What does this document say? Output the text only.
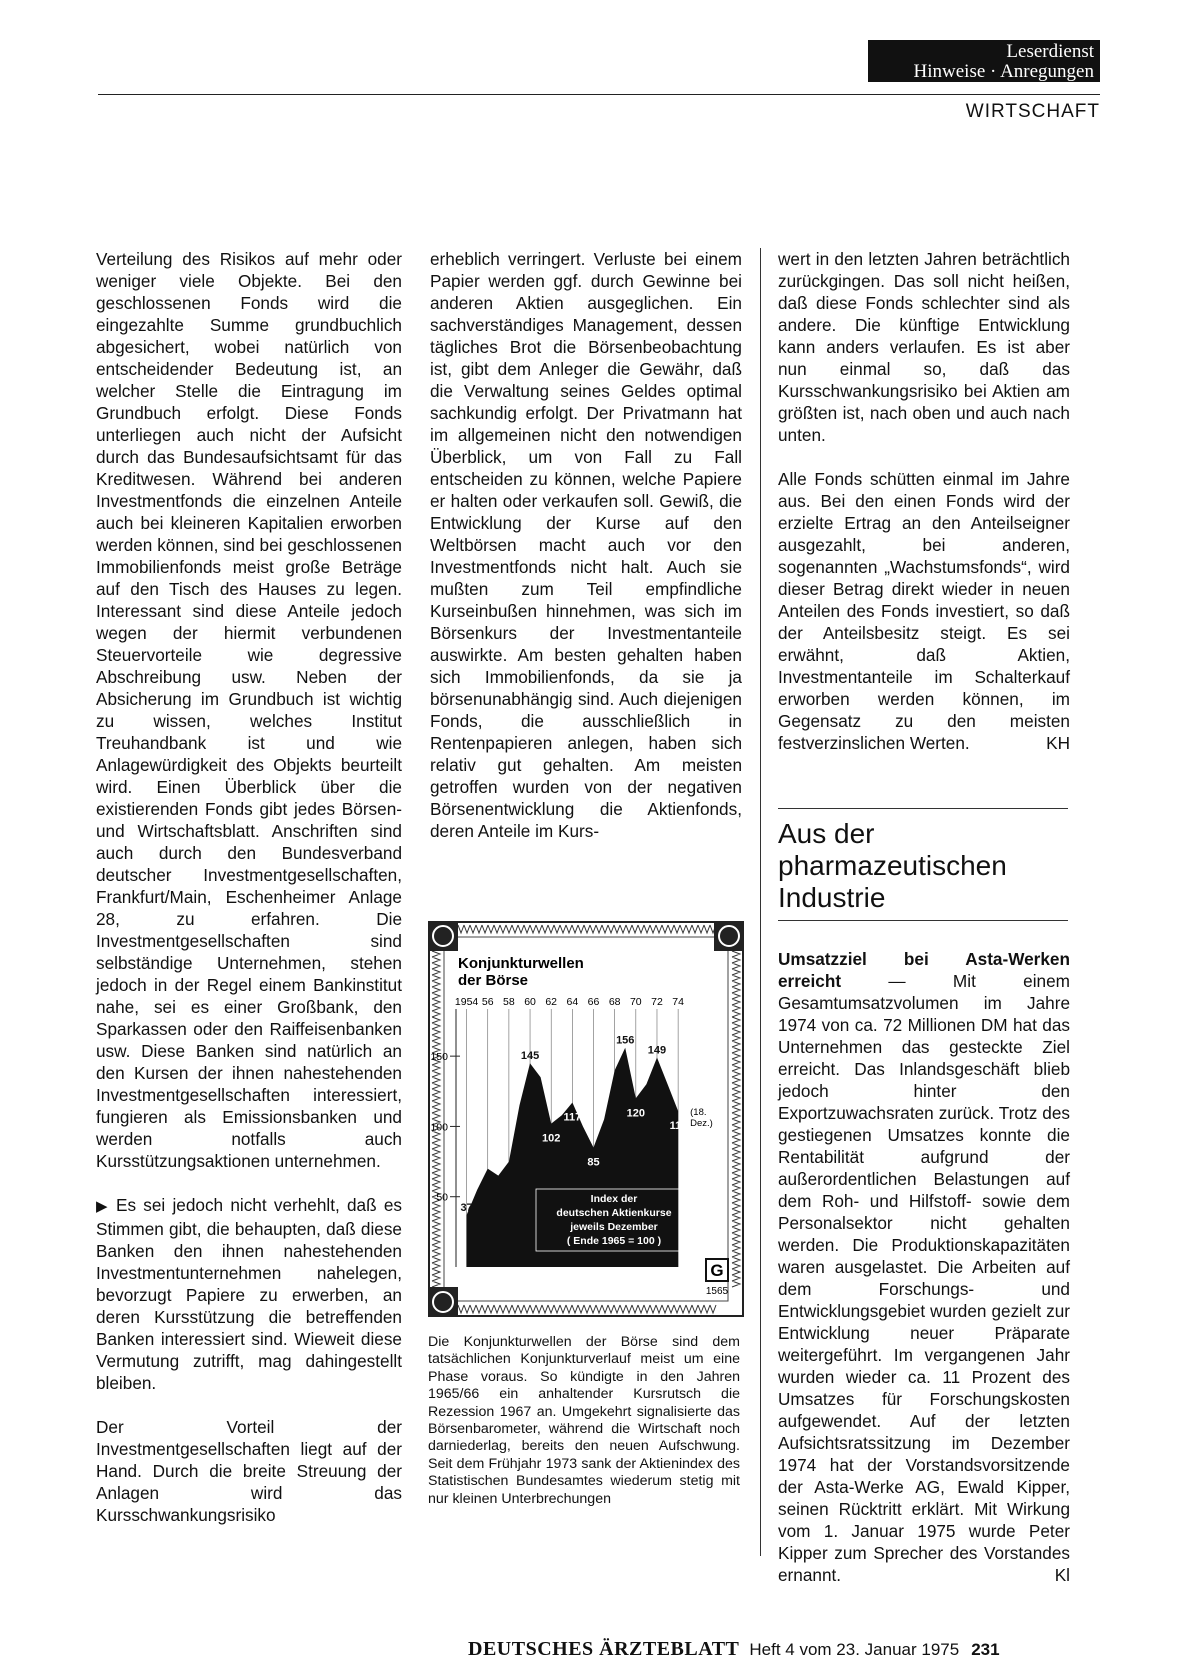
Leserdienst
Hinweise · Anregungen
WIRTSCHAFT

Verteilung des Risikos auf mehr oder weniger viele Objekte. Bei den geschlossenen Fonds wird die eingezahlte Summe grundbuchlich abgesichert, wobei natürlich von entscheidender Bedeutung ist, an welcher Stelle die Eintragung im Grundbuch erfolgt. Diese Fonds unterliegen auch nicht der Aufsicht durch das Bundesaufsichtsamt für das Kreditwesen. Während bei anderen Investmentfonds die einzelnen Anteile auch bei kleineren Kapitalien erworben werden können, sind bei geschlossenen Immobilienfonds meist große Beträge auf den Tisch des Hauses zu legen. Interessant sind diese Anteile jedoch wegen der hiermit verbundenen Steuervorteile wie degressive Abschreibung usw. Neben der Absicherung im Grundbuch ist wichtig zu wissen, welches Institut Treuhandbank ist und wie Anlagewürdigkeit des Objekts beurteilt wird. Einen Überblick über die existierenden Fonds gibt jedes Börsen- und Wirtschaftsblatt. Anschriften sind auch durch den Bundesverband deutscher Investmentgesellschaften, Frankfurt/Main, Eschenheimer Anlage 28, zu erfahren. Die Investmentgesellschaften sind selbständige Unternehmen, stehen jedoch in der Regel einem Bankinstitut nahe, sei es einer Großbank, den Sparkassen oder den Raiffeisenbanken usw. Diese Banken sind natürlich an den Kursen der ihnen nahestehenden Investmentgesellschaften interessiert, fungieren als Emissionsbanken und werden notfalls auch Kursstützungsaktionen unternehmen.

▶ Es sei jedoch nicht verhehlt, daß es Stimmen gibt, die behaupten, daß diese Banken den ihnen nahestehenden Investmentunternehmen nahelegen, bevorzugt Papiere zu erwerben, an deren Kursstützung die betreffenden Banken interessiert sind. Wieweit diese Vermutung zutrifft, mag dahingestellt bleiben.

Der Vorteil der Investmentgesellschaften liegt auf der Hand. Durch die breite Streuung der Anlagen wird das Kursschwankungsrisiko

erheblich verringert. Verluste bei einem Papier werden ggf. durch Gewinne bei anderen Aktien ausgeglichen. Ein sachverständiges Management, dessen tägliches Brot die Börsenbeobachtung ist, gibt dem Anleger die Gewähr, daß die Verwaltung seines Geldes optimal sachkundig erfolgt. Der Privatmann hat im allgemeinen nicht den notwendigen Überblick, um von Fall zu Fall entscheiden zu können, welche Papiere er halten oder verkaufen soll. Gewiß, die Entwicklung der Kurse auf den Weltbörsen macht auch vor den Investmentfonds nicht halt. Auch sie mußten zum Teil empfindliche Kurseinbußen hinnehmen, was sich im Börsenkurs der Investmentanteile auswirkte. Am besten gehalten haben sich Immobilienfonds, da sie ja börsenunabhängig sind. Auch diejenigen Fonds, die ausschließlich in Rentenpapieren anlegen, haben sich relativ gut gehalten. Am meisten getroffen wurden von der negativen Börsenentwicklung die Aktienfonds, deren Anteile im Kurs-

Konjunkturwellen der Börse
1954 56 58 60 62 64 66 68 70 72 74
50
100
150
37
145
102
117
85
156
120
149
111
(18.
Dez.)
Index der
deutschen Aktienkurse
jeweils Dezember
( Ende 1965 = 100 )
G
1565

Die Konjunkturwellen der Börse sind dem tatsächlichen Konjunkturverlauf meist um eine Phase voraus. So kündigte in den Jahren 1965/66 ein anhaltender Kursrutsch die Rezession 1967 an. Umgekehrt signalisierte das Börsenbarometer, während die Wirtschaft noch darniederlag, bereits den neuen Aufschwung. Seit dem Frühjahr 1973 sank der Aktienindex des Statistischen Bundesamtes wiederum stetig mit nur kleinen Unterbrechungen

wert in den letzten Jahren beträchtlich zurückgingen. Das soll nicht heißen, daß diese Fonds schlechter sind als andere. Die künftige Entwicklung kann anders verlaufen. Es ist aber nun einmal so, daß das Kursschwankungsrisiko bei Aktien am größten ist, nach oben und auch nach unten.

Alle Fonds schütten einmal im Jahre aus. Bei den einen Fonds wird der erzielte Ertrag an den Anteilseigner ausgezahlt, bei anderen, sogenannten „Wachstumsfonds“, wird dieser Betrag direkt wieder in neuen Anteilen des Fonds investiert, so daß der Anteilsbesitz steigt. Es sei erwähnt, daß Aktien, Investmentanteile im Schalterkauf erworben werden können, im Gegensatz zu den meisten festverzinslichen Werten.	KH

Aus der pharmazeutischen Industrie

Umsatzziel bei Asta-Werken erreicht	— Mit einem Gesamtumsatzvolumen im Jahre 1974 von ca. 72 Millionen DM hat das Unternehmen das gesteckte Ziel erreicht. Das Inlandsgeschäft blieb jedoch hinter den Exportzuwachsraten zurück. Trotz des gestiegenen Umsatzes konnte die Rentabilität aufgrund der außerordentlichen Belastungen auf dem Roh- und Hilfstoff- sowie dem Personalsektor nicht gehalten werden. Die Produktionskapazitäten waren ausgelastet. Die Arbeiten auf dem Forschungs- und Entwicklungsgebiet wurden gezielt zur Entwicklung neuer Präparate weitergeführt. Im vergangenen Jahr wurden wieder ca. 11 Prozent des Umsatzes für Forschungskosten aufgewendet. Auf der letzten Aufsichtsratssitzung im Dezember 1974 hat der Vorstandsvorsitzende der Asta-Werke AG, Ewald Kipper, seinen Rücktritt erklärt. Mit Wirkung vom 1. Januar 1975 wurde Peter Kipper zum Sprecher des Vorstandes ernannt.	Kl

DEUTSCHES ÄRZTEBLATT Heft 4 vom 23. Januar 1975 231
